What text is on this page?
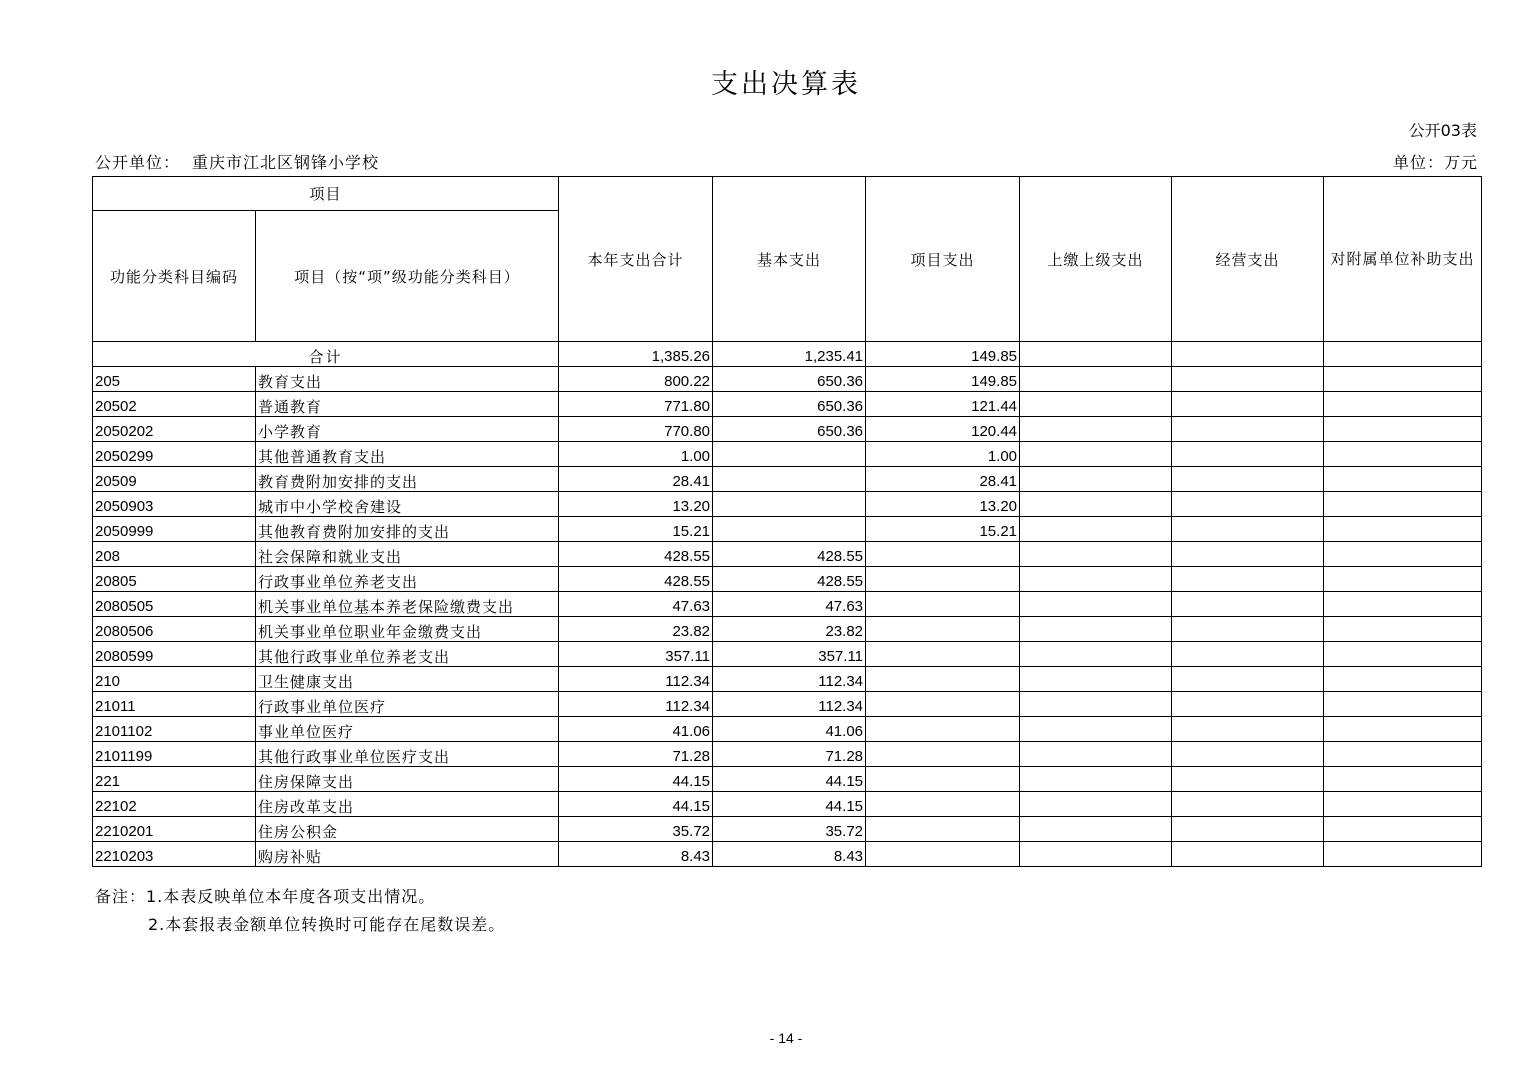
支出决算表
公开03表
公开单位： 重庆市江北区钢锋小学校	单位：万元
项目		本年支出合计	基本支出	项目支出	上缴上级支出	经营支出	对附属单位补助支出
功能分类科目编码	项目（按“项”级功能分类科目）						
合计		1,385.26	1,235.41	149.85			
205	教育支出	800.22	650.36	149.85			
20502	普通教育	771.80	650.36	121.44			
2050202	小学教育	770.80	650.36	120.44			
2050299	其他普通教育支出	1.00		1.00			
20509	教育费附加安排的支出	28.41		28.41			
2050903	城市中小学校舍建设	13.20		13.20			
2050999	其他教育费附加安排的支出	15.21		15.21			
208	社会保障和就业支出	428.55	428.55				
20805	行政事业单位养老支出	428.55	428.55				
2080505	机关事业单位基本养老保险缴费支出	47.63	47.63				
2080506	机关事业单位职业年金缴费支出	23.82	23.82				
2080599	其他行政事业单位养老支出	357.11	357.11				
210	卫生健康支出	112.34	112.34				
21011	行政事业单位医疗	112.34	112.34				
2101102	事业单位医疗	41.06	41.06				
2101199	其他行政事业单位医疗支出	71.28	71.28				
221	住房保障支出	44.15	44.15				
22102	住房改革支出	44.15	44.15				
2210201	住房公积金	35.72	35.72				
2210203	购房补贴	8.43	8.43				
备注：1.本表反映单位本年度各项支出情况。
2.本套报表金额单位转换时可能存在尾数误差。
- 14 -
